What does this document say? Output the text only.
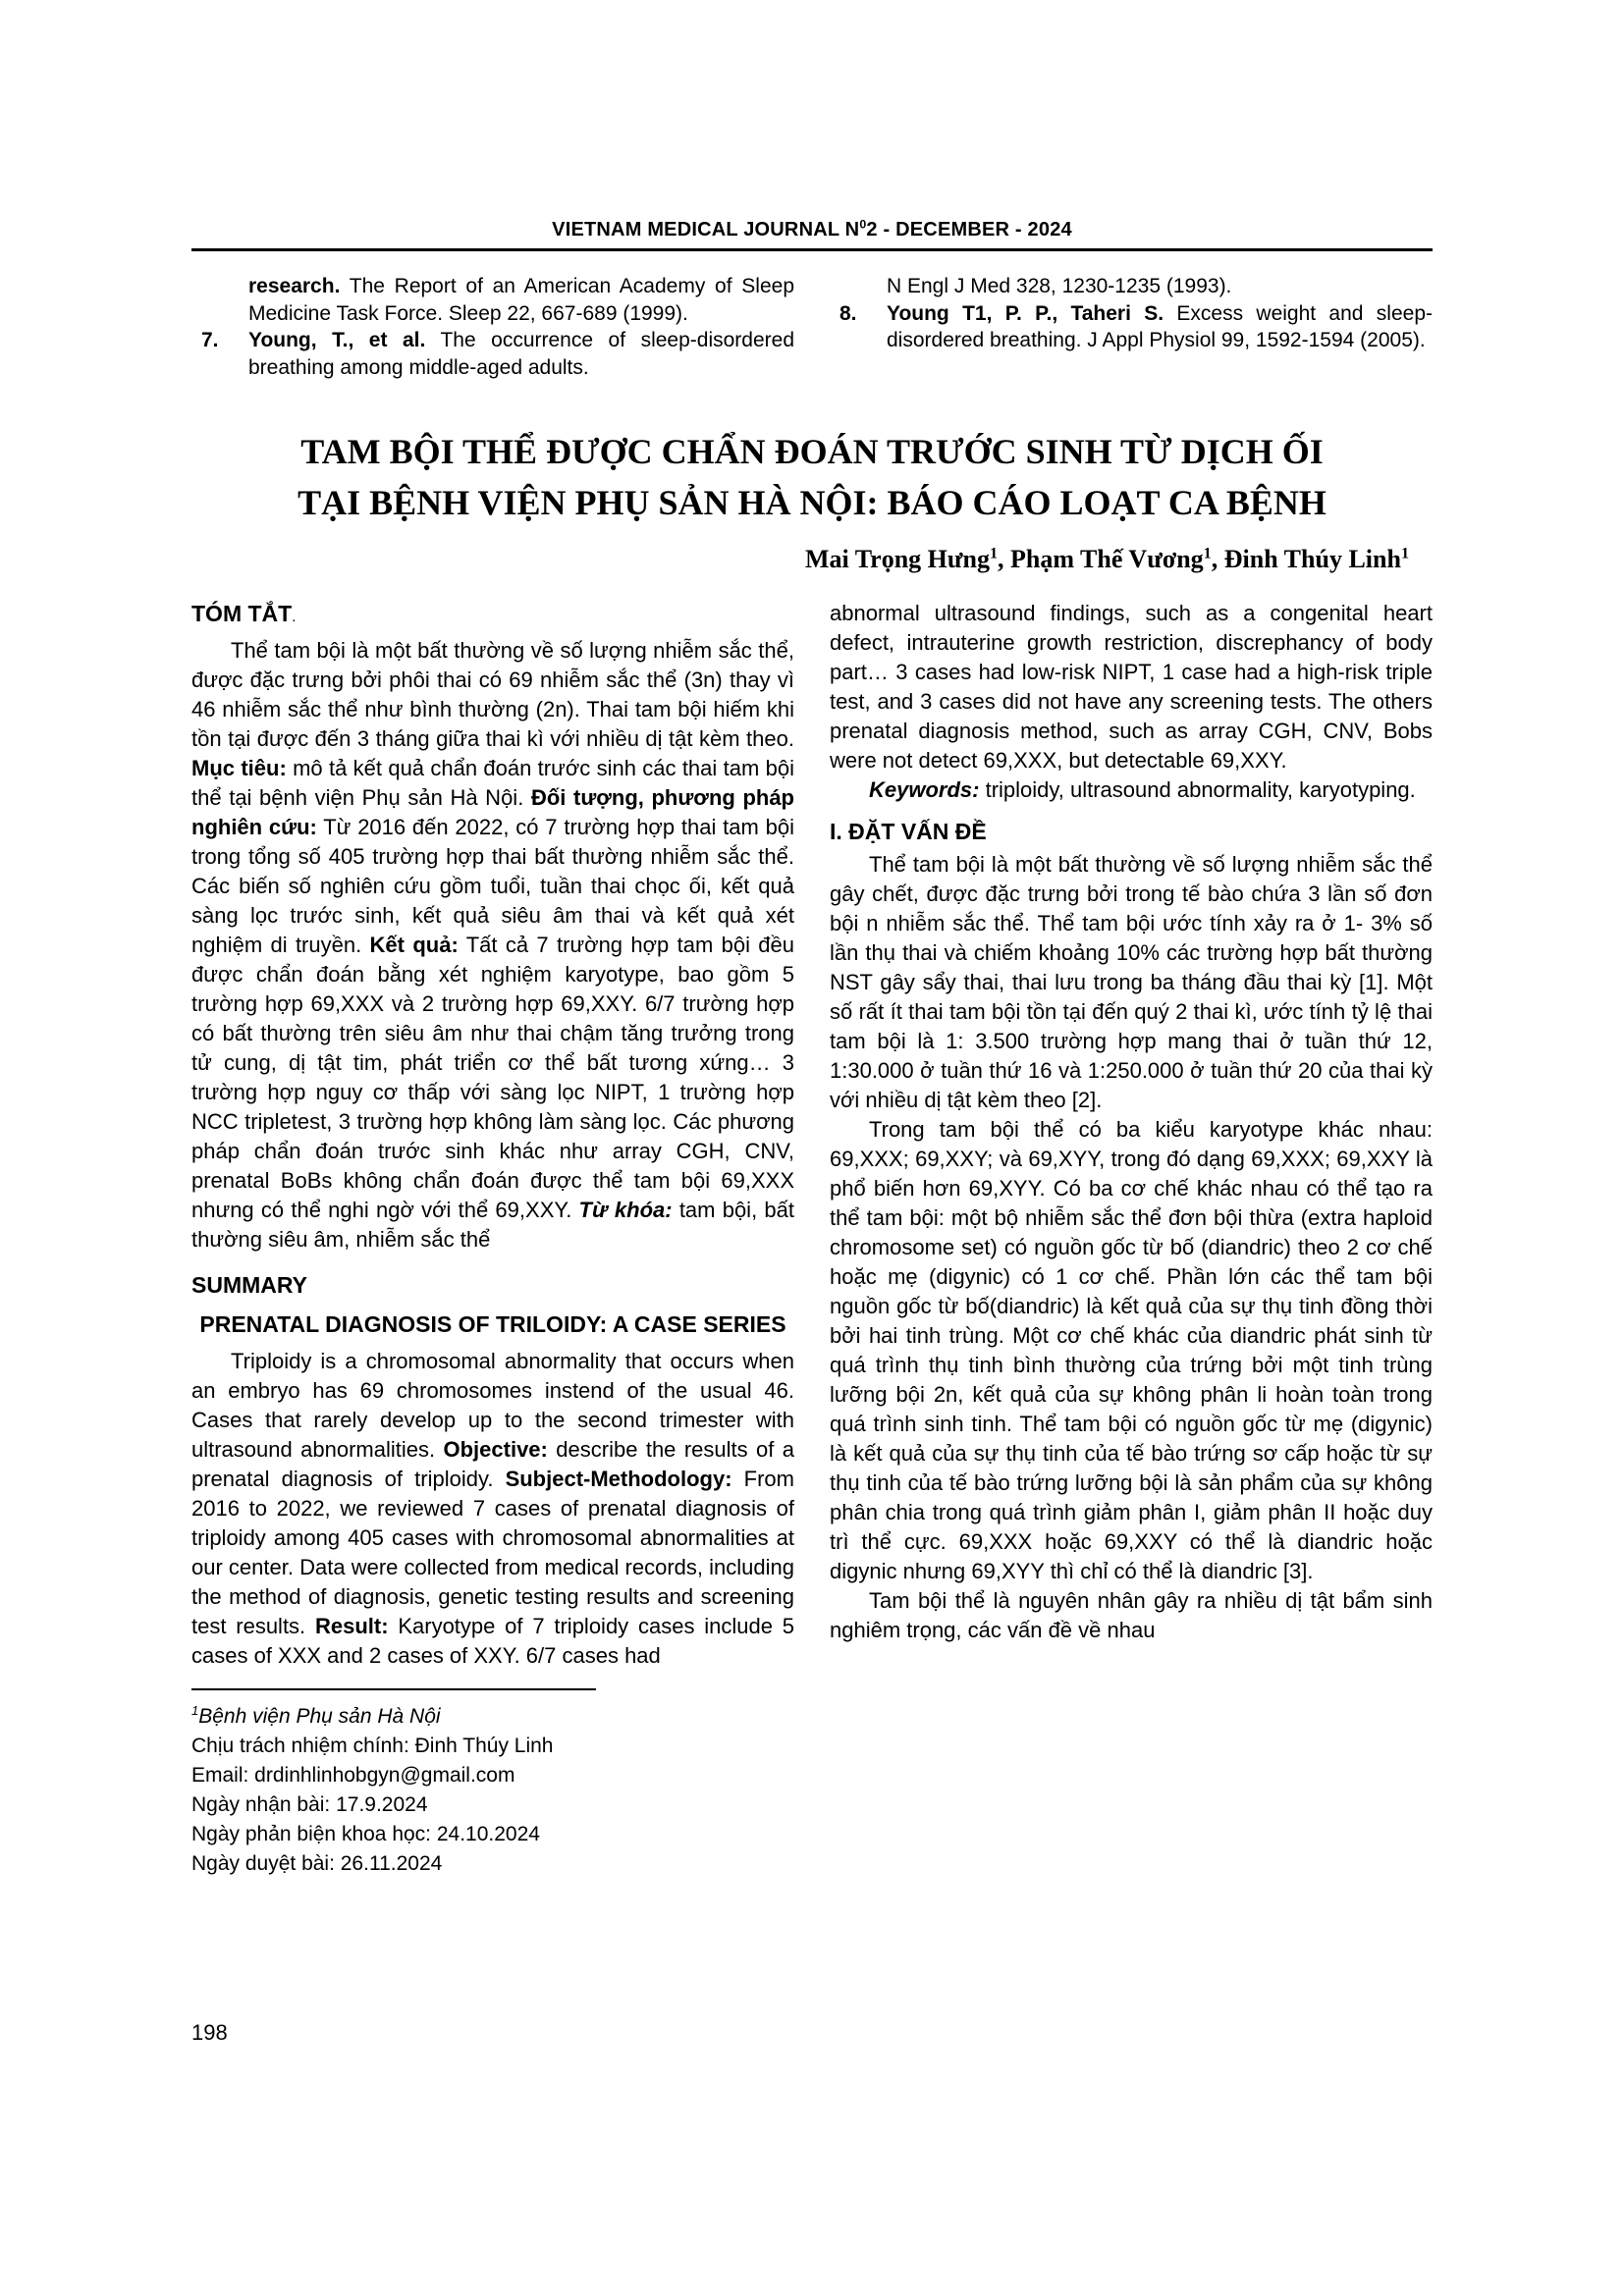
VIETNAM MEDICAL JOURNAL $N^02$ - DECEMBER - 2024
research. The Report of an American Academy of Sleep Medicine Task Force. Sleep 22, 667-689 (1999).
7. Young, T., et al. The occurrence of sleep-disordered breathing among middle-aged adults.
N Engl J Med 328, 1230-1235 (1993).
8. Young T1, P. P., Taheri S. Excess weight and sleep-disordered breathing. J Appl Physiol 99, 1592-1594 (2005).
TAM BỘI THỂ ĐƯỢC CHẨN ĐOÁN TRƯỚC SINH TỪ DỊCH ỐI
TẠI BỆNH VIỆN PHỤ SẢN HÀ NỘI: BÁO CÁO LOẠT CA BỆNH
Mai Trọng Hưng$^1$, Phạm Thế Vương$^1$, Đinh Thúy Linh$^1$
TÓM TẮT.

Thể tam bội là một bất thường về số lượng nhiễm sắc thể, được đặc trưng bởi phôi thai có 69 nhiễm sắc thể (3n) thay vì 46 nhiễm sắc thể như bình thường (2n). Thai tam bội hiếm khi tồn tại được đến 3 tháng giữa thai kì với nhiều dị tật kèm theo. Mục tiêu: mô tả kết quả chẩn đoán trước sinh các thai tam bội thể tại bệnh viện Phụ sản Hà Nội. Đối tượng, phương pháp nghiên cứu: Từ 2016 đến 2022, có 7 trường hợp thai tam bội trong tổng số 405 trường hợp thai bất thường nhiễm sắc thể. Các biến số nghiên cứu gồm tuổi, tuần thai chọc ối, kết quả sàng lọc trước sinh, kết quả siêu âm thai và kết quả xét nghiệm di truyền. Kết quả: Tất cả 7 trường hợp tam bội đều được chẩn đoán bằng xét nghiệm karyotype, bao gồm 5 trường hợp 69,XXX và 2 trường hợp 69,XXY. 6/7 trường hợp có bất thường trên siêu âm như thai chậm tăng trưởng trong tử cung, dị tật tim, phát triển cơ thể bất tương xứng… 3 trường hợp nguy cơ thấp với sàng lọc NIPT, 1 trường hợp NCC tripletest, 3 trường hợp không làm sàng lọc. Các phương pháp chẩn đoán trước sinh khác như array CGH, CNV, prenatal BoBs không chẩn đoán được thể tam bội 69,XXX nhưng có thể nghi ngờ với thể 69,XXY. Từ khóa: tam bội, bất thường siêu âm, nhiễm sắc thể

SUMMARY
PRENATAL DIAGNOSIS OF TRILOIDY: A CASE SERIES

Triploidy is a chromosomal abnormality that occurs when an embryo has 69 chromosomes instend of the usual 46. Cases that rarely develop up to the second trimester with ultrasound abnormalities. Objective: describe the results of a prenatal diagnosis of triploidy. Subject-Methodology: From 2016 to 2022, we reviewed 7 cases of prenatal diagnosis of triploidy among 405 cases with chromosomal abnormalities at our center. Data were collected from medical records, including the method of diagnosis, genetic testing results and screening test results. Result: Karyotype of 7 triploidy cases include 5 cases of XXX and 2 cases of XXY. 6/7 cases had

$^1$Bệnh viện Phụ sản Hà Nội
Chịu trách nhiệm chính: Đinh Thúy Linh
Email: drdinhlinhobgyn@gmail.com
Ngày nhận bài: 17.9.2024
Ngày phản biện khoa học: 24.10.2024
Ngày duyệt bài: 26.11.2024

abnormal ultrasound findings, such as a congenital heart defect, intrauterine growth restriction, discrephancy of body part… 3 cases had low-risk NIPT, 1 case had a high-risk triple test, and 3 cases did not have any screening tests. The others prenatal diagnosis method, such as array CGH, CNV, Bobs were not detect 69,XXX, but detectable 69,XXY.

Keywords: triploidy, ultrasound abnormality, karyotyping.

I. ĐẶT VẤN ĐỀ

Thể tam bội là một bất thường về số lượng nhiễm sắc thể gây chết, được đặc trưng bởi trong tế bào chứa 3 lần số đơn bội n nhiễm sắc thể. Thể tam bội ước tính xảy ra ở 1- 3% số lần thụ thai và chiếm khoảng 10% các trường hợp bất thường NST gây sẩy thai, thai lưu trong ba tháng đầu thai kỳ [1]. Một số rất ít thai tam bội tồn tại đến quý 2 thai kì, ước tính tỷ lệ thai tam bội là 1: 3.500 trường hợp mang thai ở tuần thứ 12, 1:30.000 ở tuần thứ 16 và 1:250.000 ở tuần thứ 20 của thai kỳ với nhiều dị tật kèm theo [2].

Trong tam bội thể có ba kiểu karyotype khác nhau: 69,XXX; 69,XXY; và 69,XYY, trong đó dạng 69,XXX; 69,XXY là phổ biến hơn 69,XYY. Có ba cơ chế khác nhau có thể tạo ra thể tam bội: một bộ nhiễm sắc thể đơn bội thừa (extra haploid chromosome set) có nguồn gốc từ bố (diandric) theo 2 cơ chế hoặc mẹ (digynic) có 1 cơ chế. Phần lớn các thể tam bội nguồn gốc từ bố(diandric) là kết quả của sự thụ tinh đồng thời bởi hai tinh trùng. Một cơ chế khác của diandric phát sinh từ quá trình thụ tinh bình thường của trứng bởi một tinh trùng lưỡng bội 2n, kết quả của sự không phân li hoàn toàn trong quá trình sinh tinh. Thể tam bội có nguồn gốc từ mẹ (digynic) là kết quả của sự thụ tinh của tế bào trứng sơ cấp hoặc từ sự thụ tinh của tế bào trứng lưỡng bội là sản phẩm của sự không phân chia trong quá trình giảm phân I, giảm phân II hoặc duy trì thể cực. 69,XXX hoặc 69,XXY có thể là diandric hoặc digynic nhưng 69,XYY thì chỉ có thể là diandric [3].

Tam bội thể là nguyên nhân gây ra nhiều dị tật bẩm sinh nghiêm trọng, các vấn đề về nhau

198
